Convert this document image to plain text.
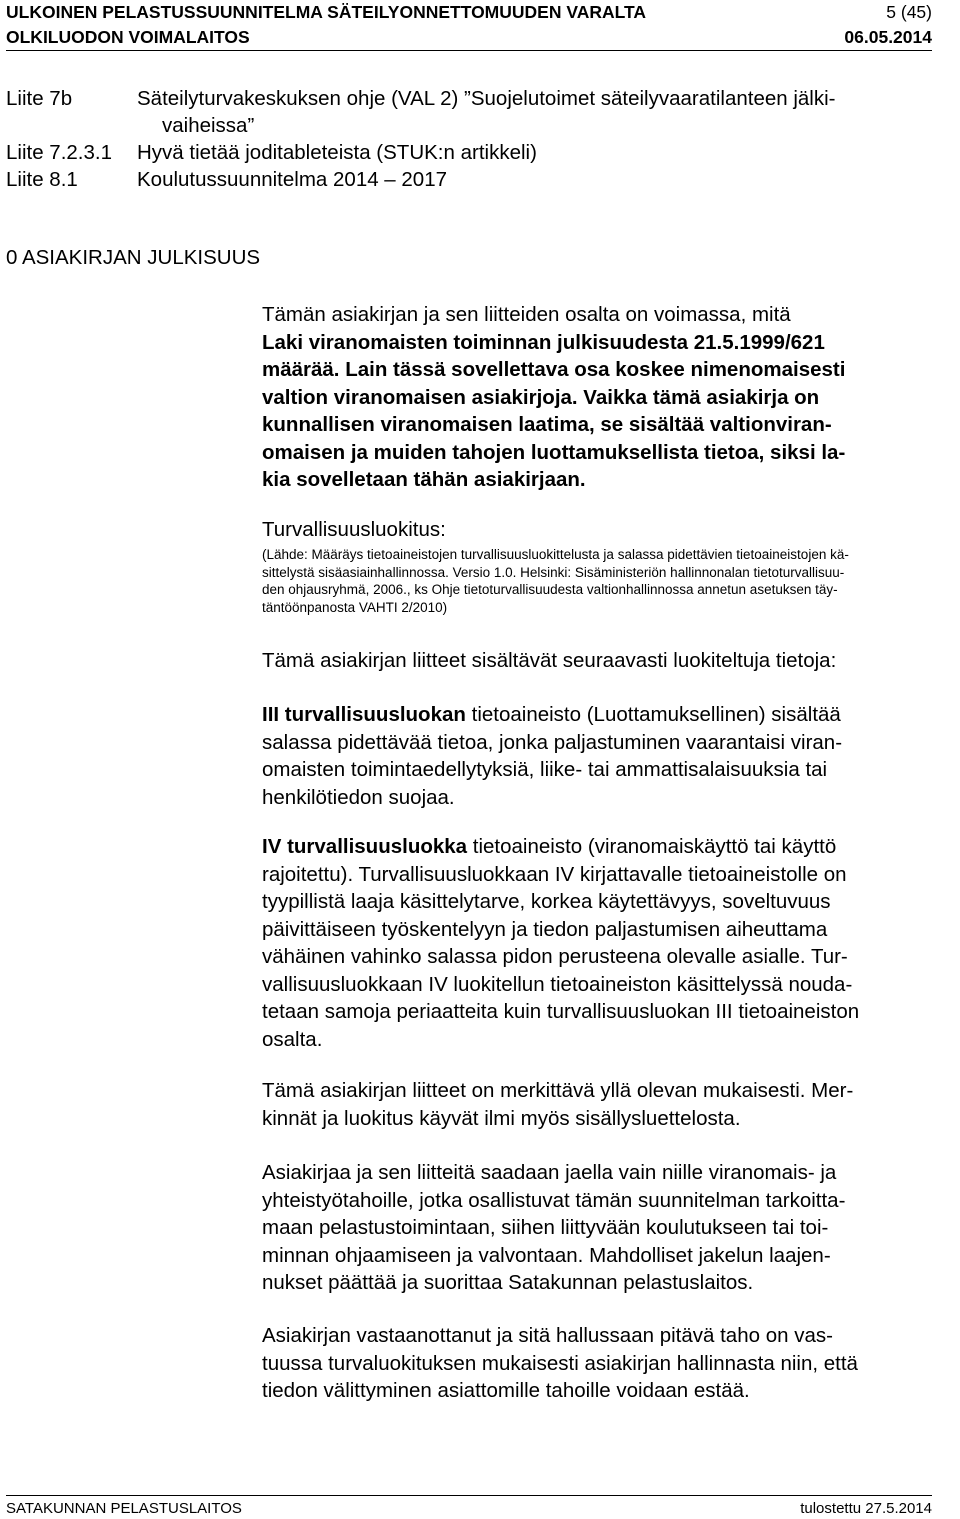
ULKOINEN PELASTUSSUUNNITELMA SÄTEILYONNETTOMUUDEN VARALTA	5 (45)
OLKILUODON VOIMALAITOS	06.05.2014
Liite 7b	Säteilyturvakeskuksen ohje (VAL 2) ”Suojelutoimet säteilyvaaratilanteen jälki-
vaiheissa”
Liite 7.2.3.1 Hyvä tietää joditableteista (STUK:n artikkeli)
Liite 8.1	Koulutussuunnitelma 2014 – 2017
0 ASIAKIRJAN JULKISUUS
Tämän asiakirjan ja sen liitteiden osalta on voimassa, mitä
Laki viranomaisten toiminnan julkisuudesta 21.5.1999/621
määrää. Lain tässä sovellettava osa koskee nimenomaisesti
valtion viranomaisen asiakirjoja. Vaikka tämä asiakirja on
kunnallisen viranomaisen laatima, se sisältää valtionviran-
omaisen ja muiden tahojen luottamuksellista tietoa, siksi la-
kia sovelletaan tähän asiakirjaan.
Turvallisuusluokitus:
(Lähde: Määräys tietoaineistojen turvallisuusluokittelusta ja salassa pidettävien tietoaineistojen kä-
sittelystä sisäasiainhallinnossa. Versio 1.0. Helsinki: Sisäministeriön hallinnonalan tietoturvallisuu-
den ohjausryhmä, 2006., ks Ohje tietoturvallisuudesta valtionhallinnossa annetun asetuksen täy-
täntöönpanosta VAHTI 2/2010)
Tämä asiakirjan liitteet sisältävät seuraavasti luokiteltuja tietoja:
III turvallisuusluokan tietoaineisto (Luottamuksellinen) sisältää
salassa pidettävää tietoa, jonka paljastuminen vaarantaisi viran-
omaisten toimintaedellytyksiä, liike- tai ammattisalaisuuksia tai
henkilötiedon suojaa.
IV turvallisuusluokka tietoaineisto (viranomaiskäyttö tai käyttö
rajoitettu). Turvallisuusluokkaan IV kirjattavalle tietoaineistolle on
tyypillistä laaja käsittelytarve, korkea käytettävyys, soveltuvuus
päivittäiseen työskentelyyn ja tiedon paljastumisen aiheuttama
vähäinen vahinko salassa pidon perusteena olevalle asialle. Tur-
vallisuusluokkaan IV luokitellun tietoaineiston käsittelyssä nouda-
tetaan samoja periaatteita kuin turvallisuusluokan III tietoaineiston
osalta.
Tämä asiakirjan liitteet on merkittävä yllä olevan mukaisesti. Mer-
kinnät ja luokitus käyvät ilmi myös sisällysluettelosta.
Asiakirjaa ja sen liitteitä saadaan jaella vain niille viranomais- ja
yhteistyötahoille, jotka osallistuvat tämän suunnitelman tarkoitta-
maan pelastustoimintaan, siihen liittyvään koulutukseen tai toi-
minnan ohjaamiseen ja valvontaan. Mahdolliset jakelun laajen-
nukset päättää ja suorittaa Satakunnan pelastuslaitos.
Asiakirjan vastaanottanut ja sitä hallussaan pitävä taho on vas-
tuussa turvaluokituksen mukaisesti asiakirjan hallinnasta niin, että
tiedon välittyminen asiattomille tahoille voidaan estää.
SATAKUNNAN PELASTUSLAITOS	tulostettu 27.5.2014
